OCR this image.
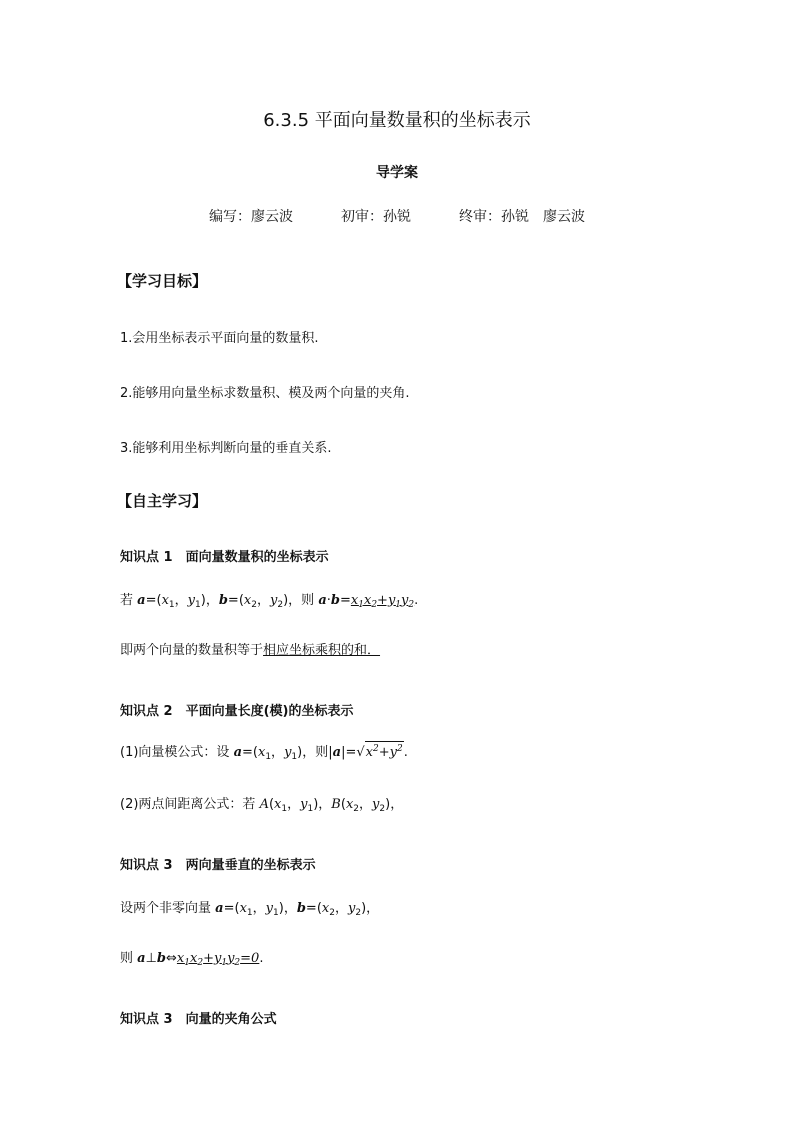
6.3.5 平面向量数量积的坐标表示
导学案
编写：廖云波	初审：孙锐	终审：孙锐　廖云波
【学习目标】
1.会用坐标表示平面向量的数量积.
2.能够用向量坐标求数量积、模及两个向量的夹角.
3.能够利用坐标判断向量的垂直关系.
【自主学习】
知识点 1　面向量数量积的坐标表示
若 $a=(x_1$，$y_1$)，$b=(x_2$，$y_2$)，则 $a\cdot b=x_1x_2+y_1y_2$.
即两个向量的数量积等于相应坐标乘积的和．
知识点 2　平面向量长度(模)的坐标表示
(1)向量模公式：设 $a=(x_1$，$y_1$)，则$|a|=√x^2+y^2$.
(2)两点间距离公式：若 $A(x_1$，$y_1$)，$B(x_2$，$y_2$)，
知识点 3　两向量垂直的坐标表示
设两个非零向量 $a=(x_1$，$y_1$)，$b=(x_2$，$y_2$)，
则 $a\perp b\Leftrightarrow x_1x_2+y_1y_2=0$.
知识点 3　向量的夹角公式
